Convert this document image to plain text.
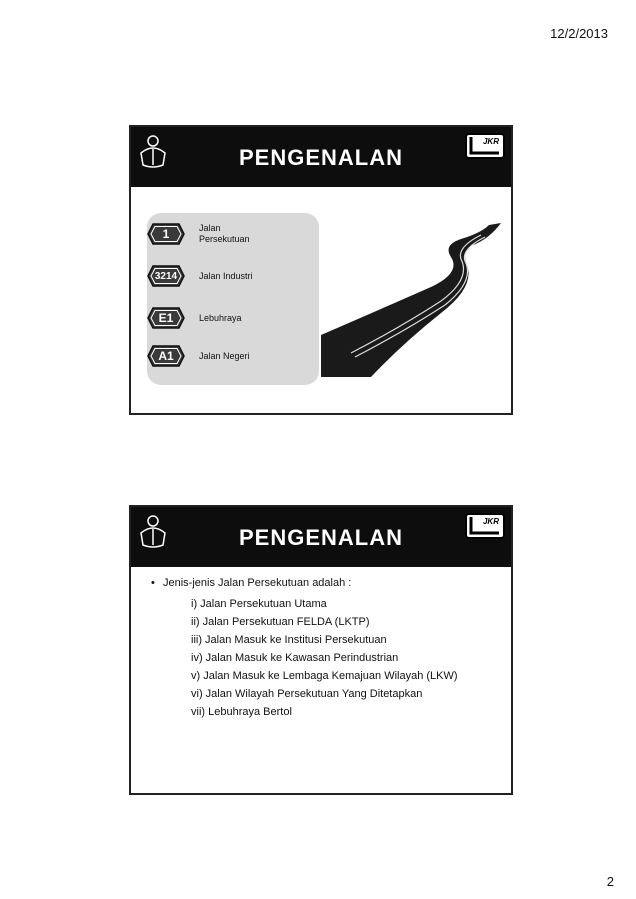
12/2/2013
PENGENALAN
JKR
1	Jalan Persekutuan
3214 Jalan Industri
E1	Lebuhraya
A1	Jalan Negeri
PENGENALAN
JKR
• Jenis-jenis Jalan Persekutuan adalah :
i) Jalan Persekutuan Utama
ii) Jalan Persekutuan FELDA (LKTP)
iii) Jalan Masuk ke Institusi Persekutuan
iv) Jalan Masuk ke Kawasan Perindustrian
v) Jalan Masuk ke Lembaga Kemajuan Wilayah (LKW)
vi) Jalan Wilayah Persekutuan Yang Ditetapkan
vii) Lebuhraya Bertol
2
